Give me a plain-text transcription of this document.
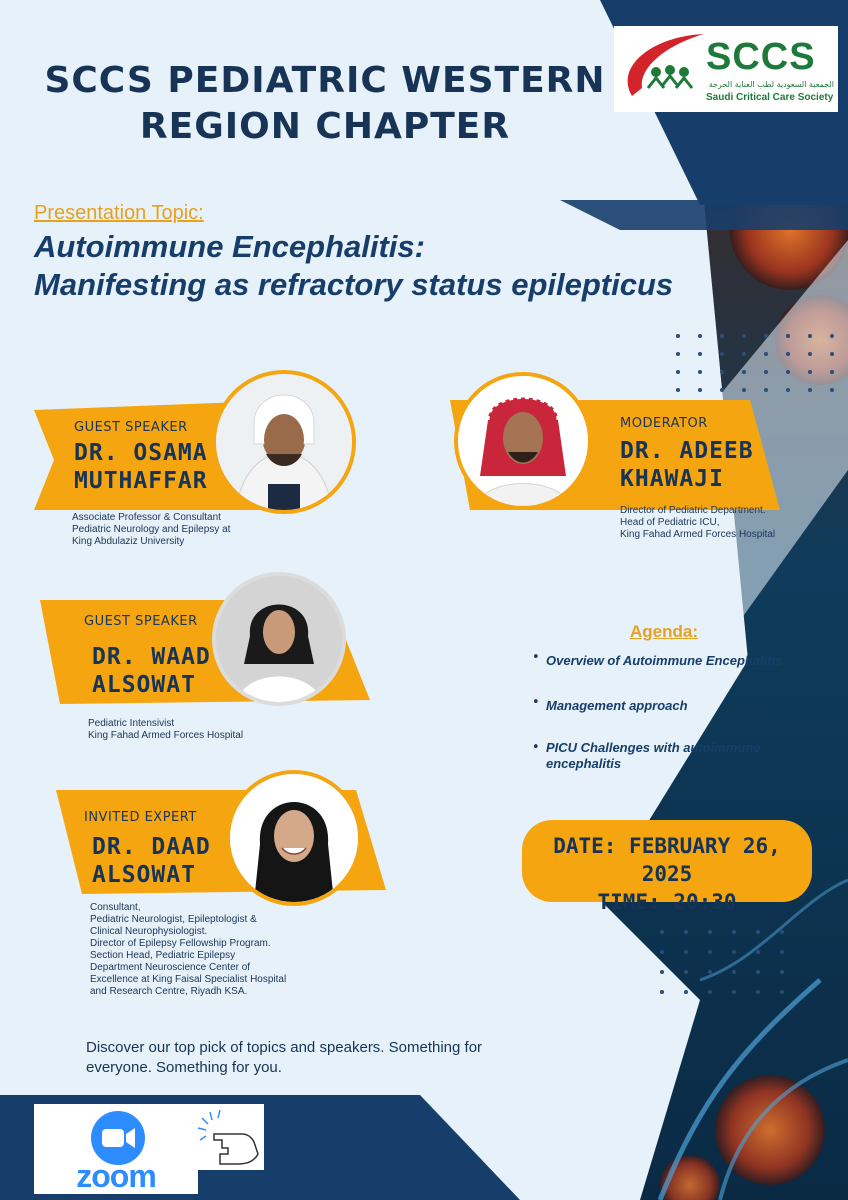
SCCS PEDIATRIC WESTERN
REGION CHAPTER
SCCS
الجمعية السعودية لطب العناية الحرجة
Saudi Critical Care Society
Presentation Topic:
Autoimmune Encephalitis:
Manifesting as refractory status epilepticus
GUEST SPEAKER
DR. OSAMA
MUTHAFFAR
Associate Professor & Consultant
Pediatric Neurology and Epilepsy at
King Abdulaziz University
MODERATOR
DR. ADEEB
KHAWAJI
Director of Pediatric Department.
Head of Pediatric ICU,
King Fahad Armed Forces Hospital
GUEST SPEAKER
DR. WAAD
ALSOWAT
Pediatric Intensivist
King Fahad Armed Forces Hospital
INVITED EXPERT
DR. DAAD
ALSOWAT
Consultant,
Pediatric Neurologist, Epileptologist &
Clinical Neurophysiologist.
Director of Epilepsy Fellowship Program.
Section Head, Pediatric Epilepsy
Department Neuroscience Center of
Excellence at King Faisal Specialist Hospital
and Research Centre, Riyadh KSA.
Agenda:
• Overview of Autoimmune Encephalitis
• Management approach
• PICU Challenges with autoimmune encephalitis
DATE: FEBRUARY 26, 2025
TIME: 20:30
Discover our top pick of topics and speakers. Something for everyone. Something for you.
zoom
